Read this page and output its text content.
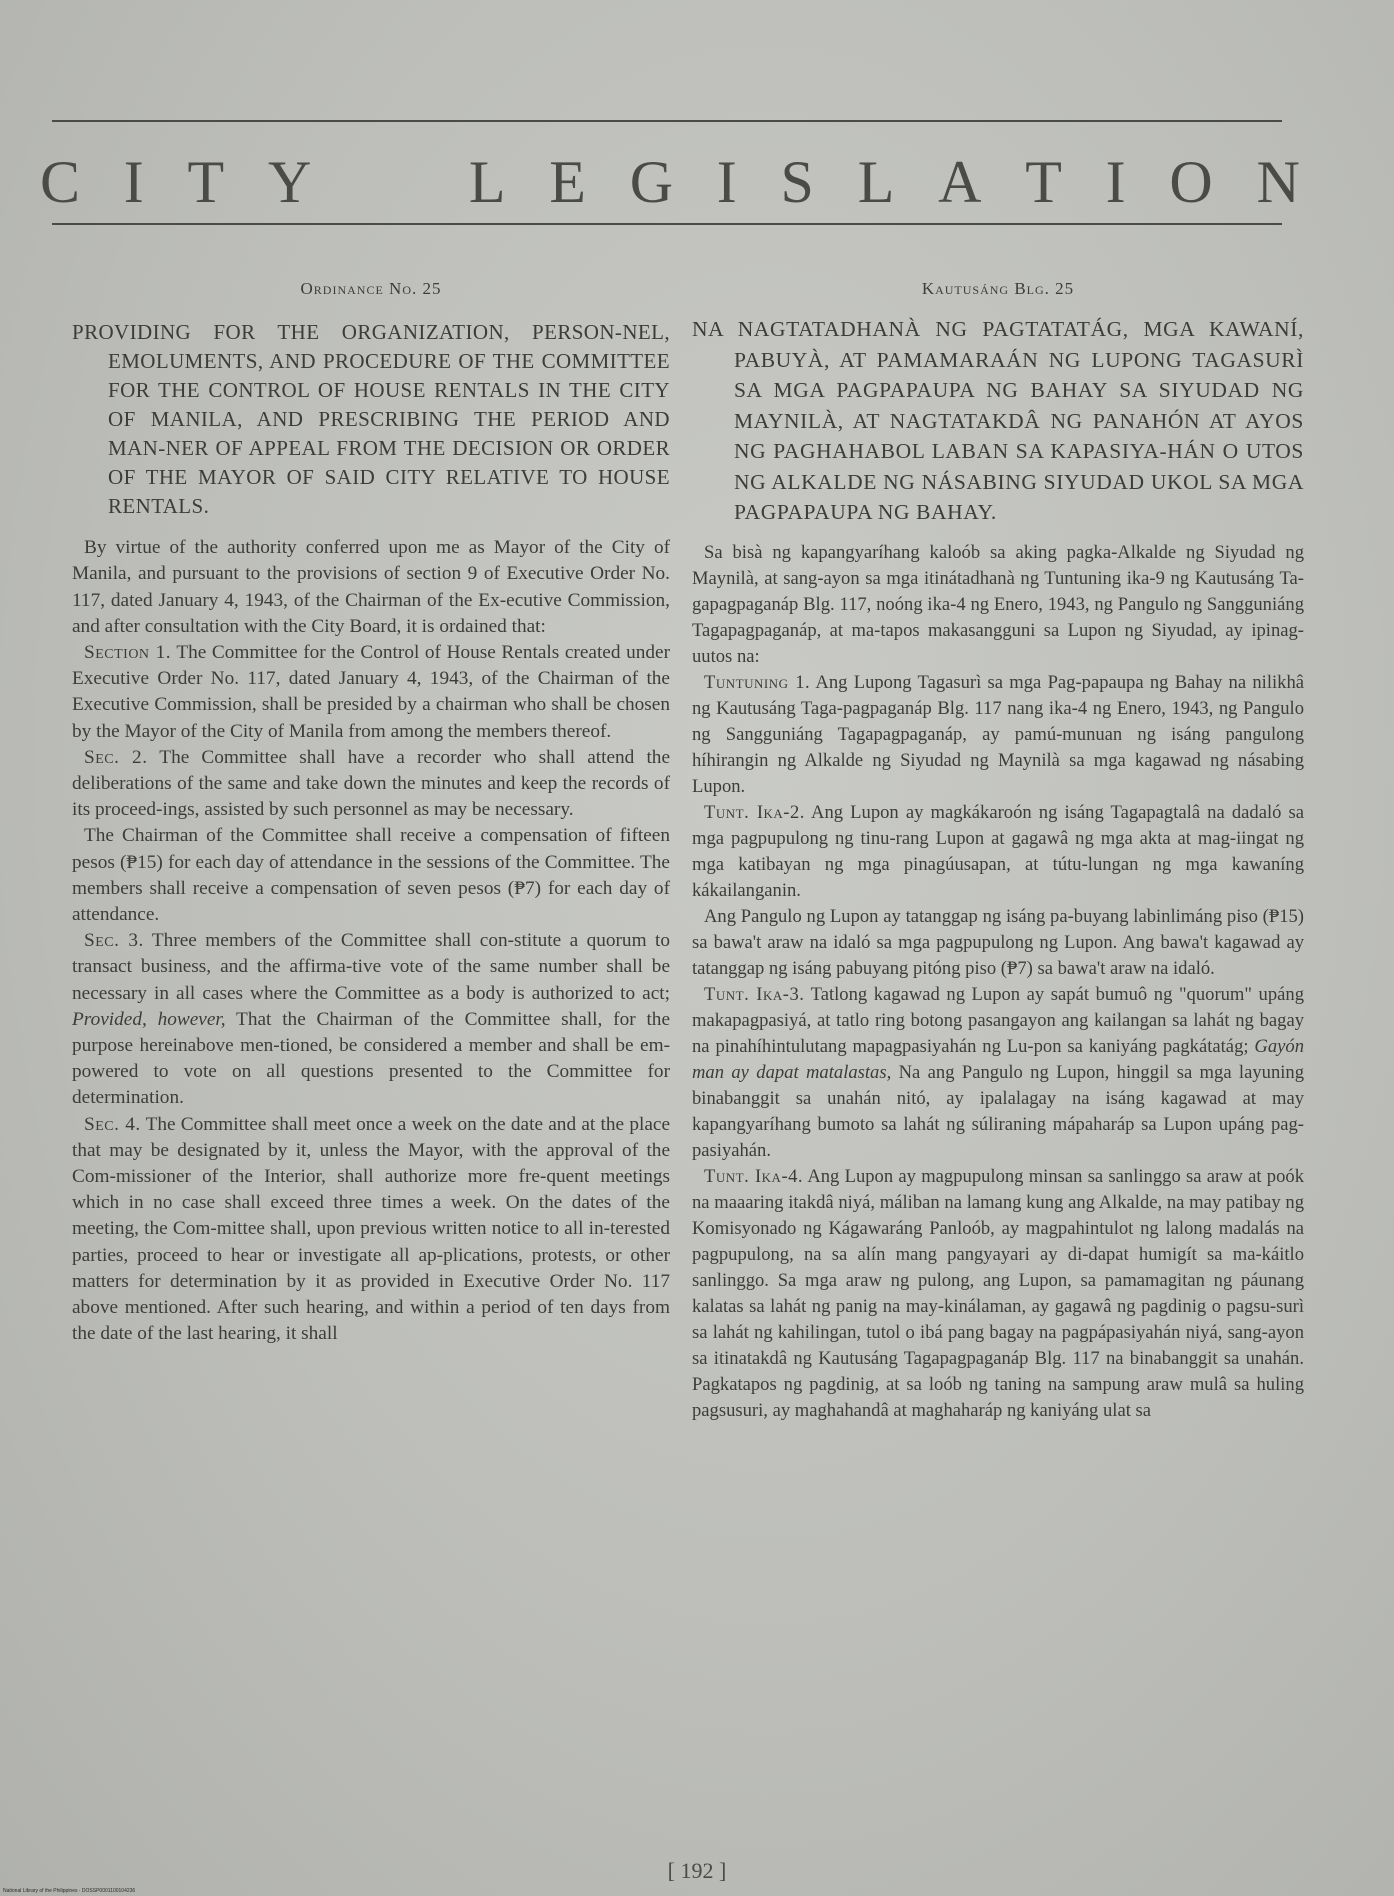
C I T Y	L E G I S L A T I O N
Ordinance No. 25
PROVIDING FOR THE ORGANIZATION, PERSON-NEL, EMOLUMENTS, AND PROCEDURE OF THE COMMITTEE FOR THE CONTROL OF HOUSE RENTALS IN THE CITY OF MANILA, AND PRESCRIBING THE PERIOD AND MAN-NER OF APPEAL FROM THE DECISION OR ORDER OF THE MAYOR OF SAID CITY RELATIVE TO HOUSE RENTALS.

By virtue of the authority conferred upon me as Mayor of the City of Manila, and pursuant to the provisions of section 9 of Executive Order No. 117, dated January 4, 1943, of the Chairman of the Ex-ecutive Commission, and after consultation with the City Board, it is ordained that:

Section 1. The Committee for the Control of House Rentals created under Executive Order No. 117, dated January 4, 1943, of the Chairman of the Executive Commission, shall be presided by a chairman who shall be chosen by the Mayor of the City of Manila from among the members thereof.

Sec. 2. The Committee shall have a recorder who shall attend the deliberations of the same and take down the minutes and keep the records of its proceed-ings, assisted by such personnel as may be necessary.

The Chairman of the Committee shall receive a compensation of fifteen pesos (₱15) for each day of attendance in the sessions of the Committee. The members shall receive a compensation of seven pesos (₱7) for each day of attendance.

Sec. 3. Three members of the Committee shall con-stitute a quorum to transact business, and the affirma-tive vote of the same number shall be necessary in all cases where the Committee as a body is authorized to act; Provided, however, That the Chairman of the Committee shall, for the purpose hereinabove men-tioned, be considered a member and shall be em-powered to vote on all questions presented to the Committee for determination.

Sec. 4. The Committee shall meet once a week on the date and at the place that may be designated by it, unless the Mayor, with the approval of the Com-missioner of the Interior, shall authorize more fre-quent meetings which in no case shall exceed three times a week. On the dates of the meeting, the Com-mittee shall, upon previous written notice to all in-terested parties, proceed to hear or investigate all ap-plications, protests, or other matters for determination by it as provided in Executive Order No. 117 above mentioned. After such hearing, and within a period of ten days from the date of the last hearing, it shall

Kautusáng Blg. 25
NA NAGTATADHANÀ NG PAGTATATÁG, MGA KAWANÍ, PABUYÀ, AT PAMAMARAÁN NG LUPONG TAGASURÌ SA MGA PAGPAPAUPA NG BAHAY SA SIYUDAD NG MAYNILÀ, AT NAGTATAKDÂ NG PANAHÓN AT AYOS NG PAGHAHABOL LABAN SA KAPASIYA-HÁN O UTOS NG ALKALDE NG NÁSABING SIYUDAD UKOL SA MGA PAGPAPAUPA NG BAHAY.

Sa bisà ng kapangyaríhang kaloób sa aking pagka-Alkalde ng Siyudad ng Maynilà, at sang-ayon sa mga itinátadhanà ng Tuntuning ika-9 ng Kautusáng Ta-gapagpaganáp Blg. 117, noóng ika-4 ng Enero, 1943, ng Pangulo ng Sangguniáng Tagapagpaganáp, at ma-tapos makasangguni sa Lupon ng Siyudad, ay ipinag-uutos na:

Tuntuning 1. Ang Lupong Tagasurì sa mga Pag-papaupa ng Bahay na nilikhâ ng Kautusáng Taga-pagpaganáp Blg. 117 nang ika-4 ng Enero, 1943, ng Pangulo ng Sangguniáng Tagapagpaganáp, ay pamú-munuan ng isáng pangulong híhirangin ng Alkalde ng Siyudad ng Maynilà sa mga kagawad ng násabing Lupon.

Tunt. Ika-2. Ang Lupon ay magkákaroón ng isáng Tagapagtalâ na dadaló sa mga pagpupulong ng tinu-rang Lupon at gagawâ ng mga akta at mag-iingat ng mga katibayan ng mga pinagúusapan, at tútu-lungan ng mga kawaníng kákailanganin.

Ang Pangulo ng Lupon ay tatanggap ng isáng pa-buyang labinlimáng piso (₱15) sa bawa't araw na idaló sa mga pagpupulong ng Lupon. Ang bawa't kagawad ay tatanggap ng isáng pabuyang pitóng piso (₱7) sa bawa't araw na idaló.

Tunt. Ika-3. Tatlong kagawad ng Lupon ay sapát bumuô ng "quorum" upáng makapagpasiyá, at tatlo ring botong pasangayon ang kailangan sa lahát ng bagay na pinahíhintulutang mapagpasiyahán ng Lu-pon sa kaniyáng pagkátatág; Gayón man ay dapat matalastas, Na ang Pangulo ng Lupon, hinggil sa mga layuning binabanggit sa unahán nitó, ay ipalalagay na isáng kagawad at may kapangyaríhang bumoto sa lahát ng súliraning mápaharáp sa Lupon upáng pag-pasiyahán.

Tunt. Ika-4. Ang Lupon ay magpupulong minsan sa sanlinggo sa araw at poók na maaaring itakdâ niyá, máliban na lamang kung ang Alkalde, na may patibay ng Komisyonado ng Kágawaráng Panloób, ay magpahintulot ng lalong madalás na pagpupulong, na sa alín mang pangyayari ay di-dapat humigít sa ma-káitlo sanlinggo. Sa mga araw ng pulong, ang Lupon, sa pamamagitan ng páunang kalatas sa lahát ng panig na may-kinálaman, ay gagawâ ng pagdinig o pagsu-surì sa lahát ng kahilingan, tutol o ibá pang bagay na pagpápasiyahán niyá, sang-ayon sa itinatakdâ ng Kautusáng Tagapagpaganáp Blg. 117 na binabanggit sa unahán. Pagkatapos ng pagdinig, at sa loób ng taning na sampung araw mulâ sa huling pagsusuri, ay maghahandâ at maghaharáp ng kaniyáng ulat sa

[ 192 ]
National Library of the Philippines · DOSSP0001100104236
